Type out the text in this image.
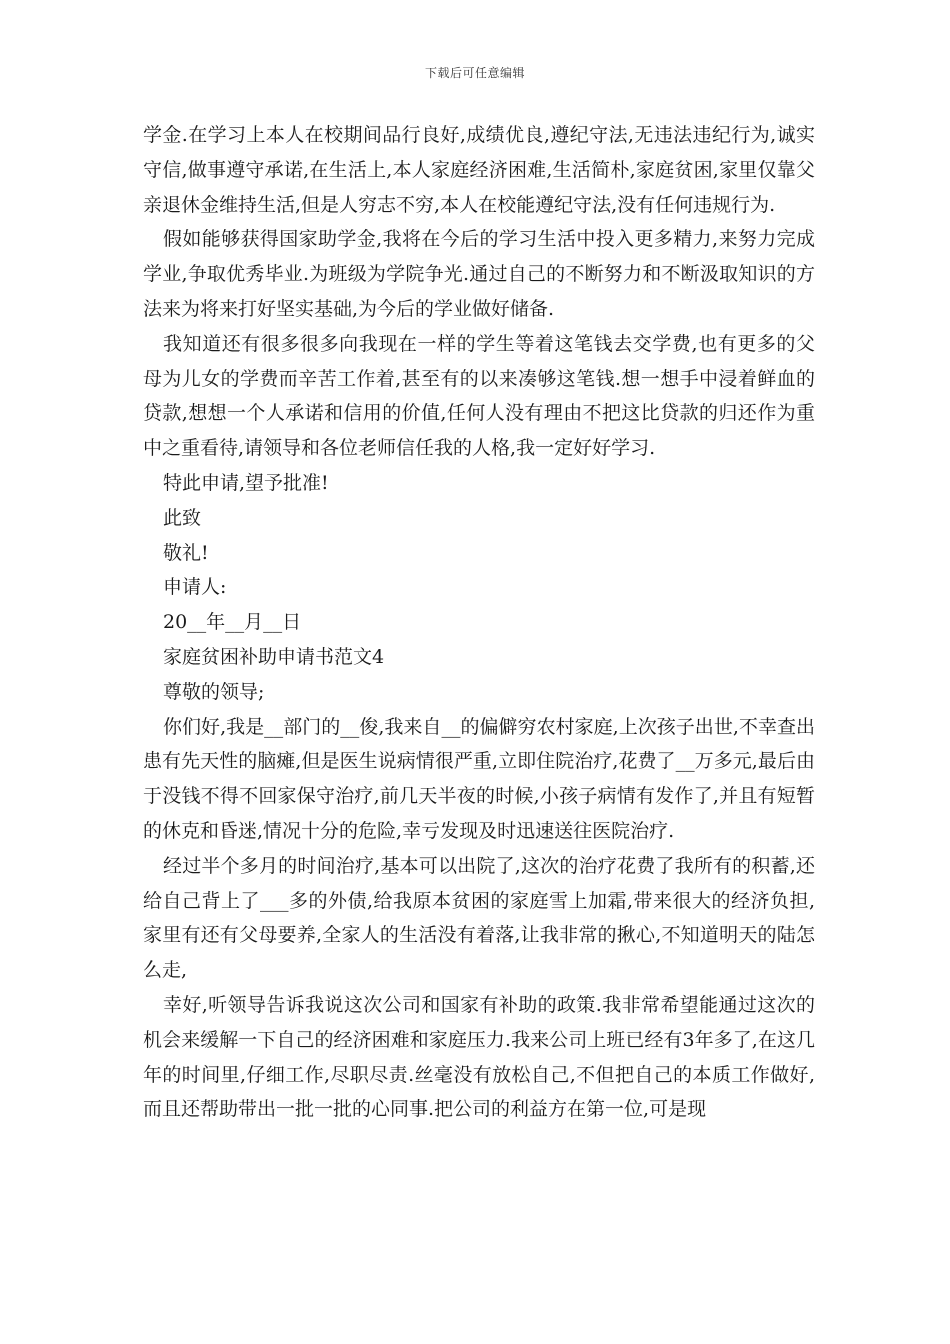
下载后可任意编辑

学金.在学习上本人在校期间品行良好,成绩优良,遵纪守法,无违法违纪行为,诚实守信,做事遵守承诺,在生活上,本人家庭经济困难,生活简朴,家庭贫困,家里仅靠父亲退休金维持生活,但是人穷志不穷,本人在校能遵纪守法,没有任何违规行为.

假如能够获得国家助学金,我将在今后的学习生活中投入更多精力,来努力完成学业,争取优秀毕业.为班级为学院争光.通过自己的不断努力和不断汲取知识的方法来为将来打好坚实基础,为今后的学业做好储备.

我知道还有很多很多向我现在一样的学生等着这笔钱去交学费,也有更多的父母为儿女的学费而辛苦工作着,甚至有的以来凑够这笔钱.想一想手中浸着鲜血的贷款,想想一个人承诺和信用的价值,任何人没有理由不把这比贷款的归还作为重中之重看待,请领导和各位老师信任我的人格,我一定好好学习.

特此申请,望予批准!

此致

敬礼!

申请人:

20__年__月__日

家庭贫困补助申请书范文4

尊敬的领导;

你们好,我是__部门的__俊,我来自__的偏僻穷农村家庭,上次孩子出世,不幸查出患有先天性的脑瘫,但是医生说病情很严重,立即住院治疗,花费了__万多元,最后由于没钱不得不回家保守治疗,前几天半夜的时候,小孩子病情有发作了,并且有短暂的休克和昏迷,情况十分的危险,幸亏发现及时迅速送往医院治疗.

经过半个多月的时间治疗,基本可以出院了,这次的治疗花费了我所有的积蓄,还给自己背上了___多的外债,给我原本贫困的家庭雪上加霜,带来很大的经济负担,家里有还有父母要养,全家人的生活没有着落,让我非常的揪心,不知道明天的陆怎么走,

幸好,听领导告诉我说这次公司和国家有补助的政策.我非常希望能通过这次的机会来缓解一下自己的经济困难和家庭压力.我来公司上班已经有3年多了,在这几年的时间里,仔细工作,尽职尽责.丝毫没有放松自己,不但把自己的本质工作做好,而且还帮助带出一批一批的心同事.把公司的利益方在第一位,可是现
